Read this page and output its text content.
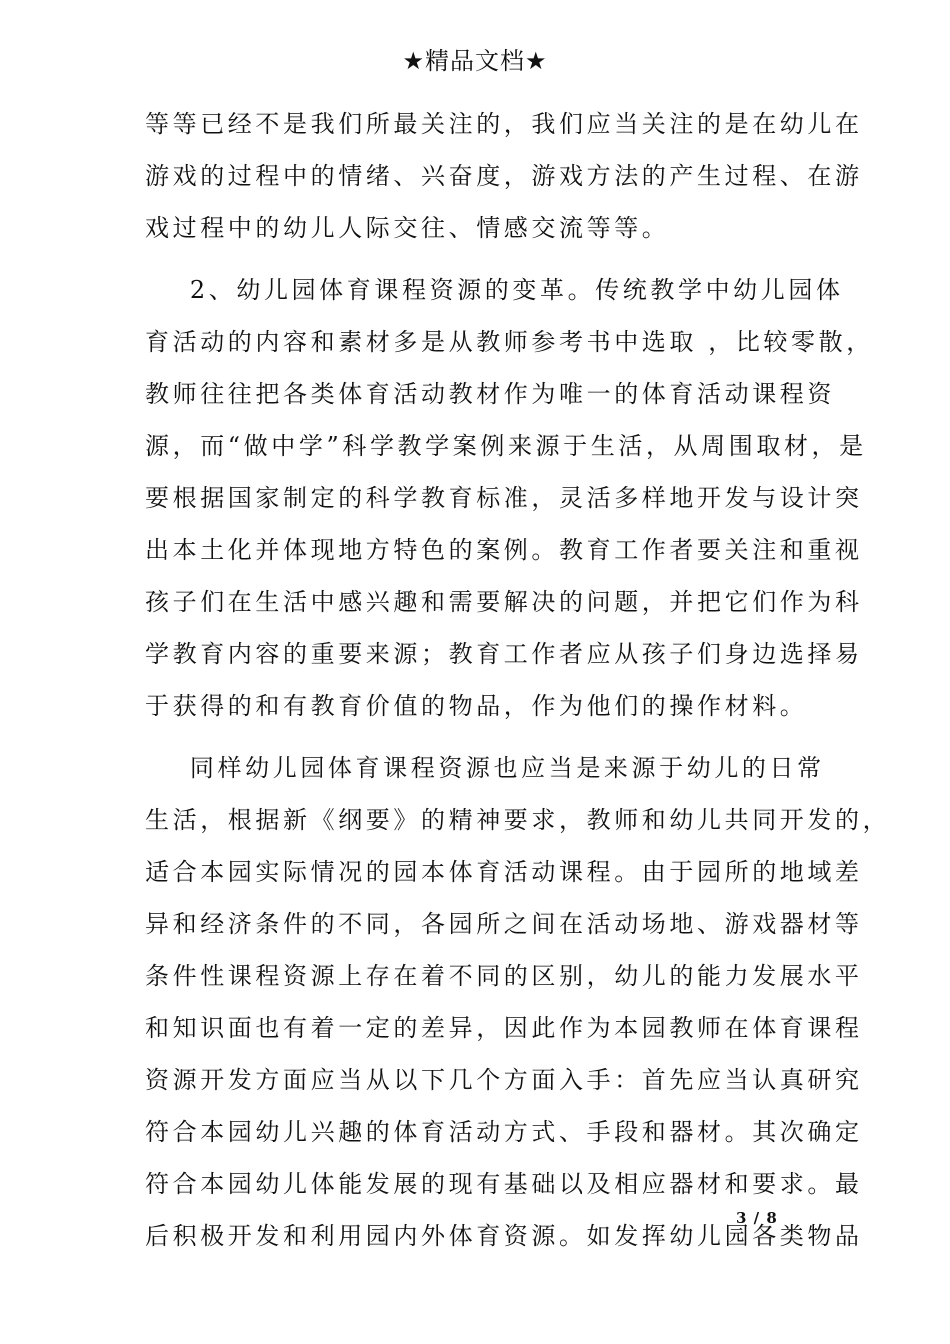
★精品文档★
等等已经不是我们所最关注的，我们应当关注的是在幼儿在
游戏的过程中的情绪、兴奋度，游戏方法的产生过程、在游
戏过程中的幼儿人际交往、情感交流等等。
2、幼儿园体育课程资源的变革。传统教学中幼儿园体
育活动的内容和素材多是从教师参考书中选取 ，比较零散，
教师往往把各类体育活动教材作为唯一的体育活动课程资
源，而“做中学”科学教学案例来源于生活，从周围取材，是
要根据国家制定的科学教育标准，灵活多样地开发与设计突
出本土化并体现地方特色的案例。教育工作者要关注和重视
孩子们在生活中感兴趣和需要解决的问题，并把它们作为科
学教育内容的重要来源；教育工作者应从孩子们身边选择易
于获得的和有教育价值的物品，作为他们的操作材料。
同样幼儿园体育课程资源也应当是来源于幼儿的日常
生活，根据新《纲要》的精神要求，教师和幼儿共同开发的，
适合本园实际情况的园本体育活动课程。由于园所的地域差
异和经济条件的不同，各园所之间在活动场地、游戏器材等
条件性课程资源上存在着不同的区别，幼儿的能力发展水平
和知识面也有着一定的差异，因此作为本园教师在体育课程
资源开发方面应当从以下几个方面入手：首先应当认真研究
符合本园幼儿兴趣的体育活动方式、手段和器材。其次确定
符合本园幼儿体能发展的现有基础以及相应器材和要求。最
后积极开发和利用园内外体育资源。如发挥幼儿园各类物品
3 / 8
